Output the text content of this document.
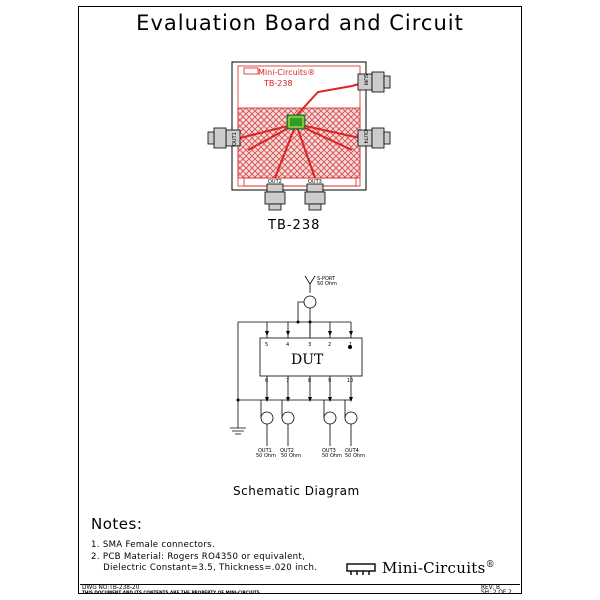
Evaluation Board and Circuit
Mini-Circuits®
TB-238
OUT2	OUT3
SUM
OUT4
OUT1
S-PORT
50 Ohm
DUT
5	4	3	2	1
6	7	8	9	10
OUT1
50 Ohm
OUT2
50 Ohm
OUT3
50 Ohm
OUT4
50 Ohm
TB-238
Schematic Diagram
Notes:
1. SMA Female connectors.
2. PCB Material: Rogers RO4350 or equivalent,
Dielectric Constant=3.5, Thickness=.020 inch.	Mini-Circuits®
DWG NO:TB-238-20
THIS DOCUMENT AND ITS CONTENTS ARE THE PROPERTY OF MINI-CIRCUITS.
REV: B
SH: 2 OF 2
